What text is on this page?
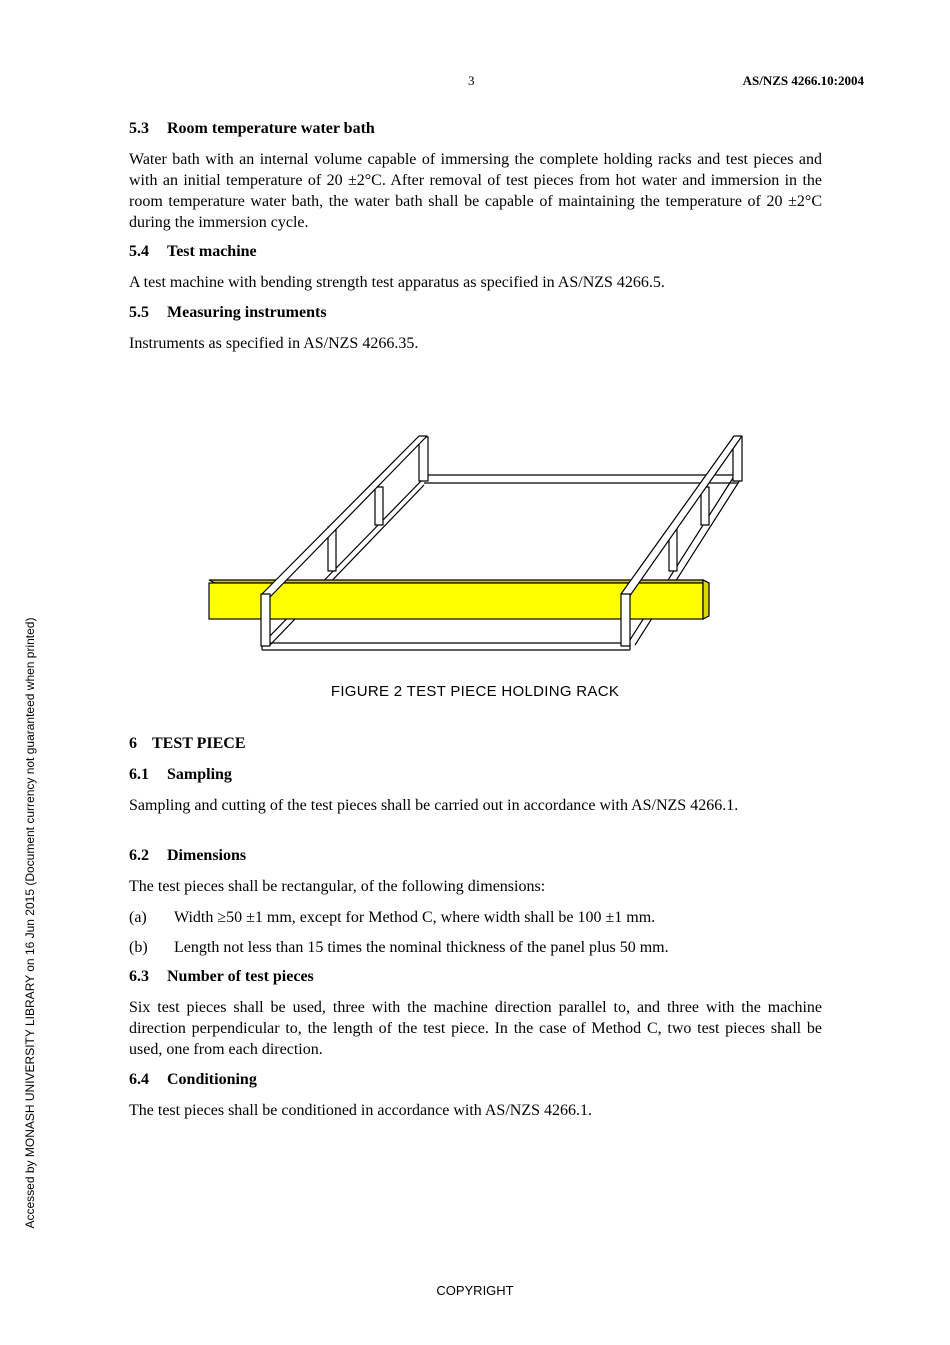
3	AS/NZS 4266.10:2004

5.3 Room temperature water bath

Water bath with an internal volume capable of immersing the complete holding racks and test pieces and with an initial temperature of 20 ±2°C. After removal of test pieces from hot water and immersion in the room temperature water bath, the water bath shall be capable of maintaining the temperature of 20 ±2°C during the immersion cycle.

5.4 Test machine

A test machine with bending strength test apparatus as specified in AS/NZS 4266.5.

5.5 Measuring instruments

Instruments as specified in AS/NZS 4266.35.

FIGURE 2 TEST PIECE HOLDING RACK

6 TEST PIECE

6.1 Sampling

Sampling and cutting of the test pieces shall be carried out in accordance with AS/NZS 4266.1.

6.2 Dimensions

The test pieces shall be rectangular, of the following dimensions:

(a)	Width ≥50 ±1 mm, except for Method C, where width shall be 100 ±1 mm.
(b)	Length not less than 15 times the nominal thickness of the panel plus 50 mm.

6.3 Number of test pieces

Six test pieces shall be used, three with the machine direction parallel to, and three with the machine direction perpendicular to, the length of the test piece. In the case of Method C, two test pieces shall be used, one from each direction.

6.4 Conditioning

The test pieces shall be conditioned in accordance with AS/NZS 4266.1.

COPYRIGHT
Accessed by MONASH UNIVERSITY LIBRARY on 16 Jun 2015 (Document currency not guaranteed when printed)
